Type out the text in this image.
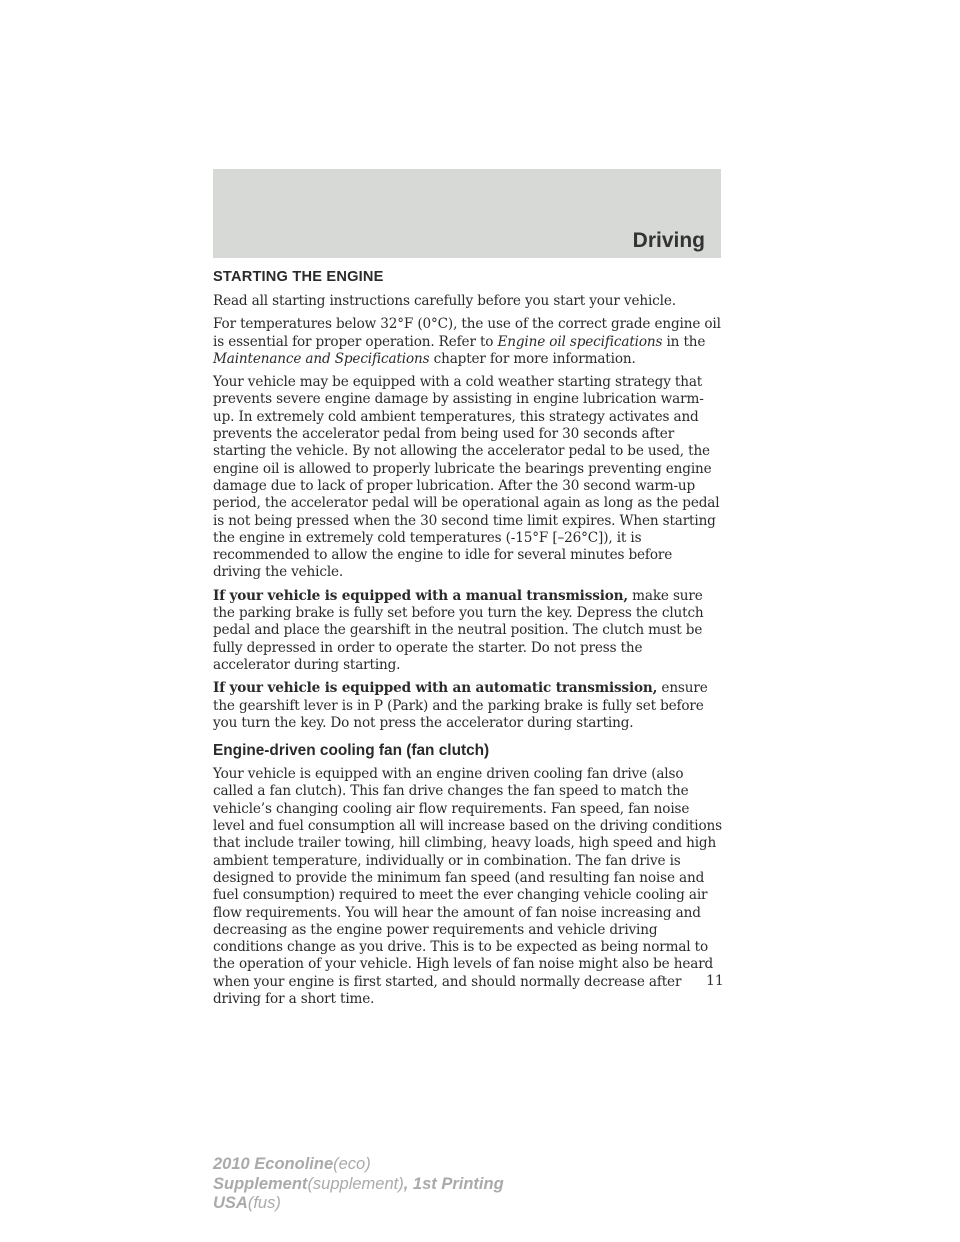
Driving
STARTING THE ENGINE

Read all starting instructions carefully before you start your vehicle.

For temperatures below 32°F (0°C), the use of the correct grade engine oil is essential for proper operation. Refer to Engine oil specifications in the Maintenance and Specifications chapter for more information.

Your vehicle may be equipped with a cold weather starting strategy that prevents severe engine damage by assisting in engine lubrication warm-up. In extremely cold ambient temperatures, this strategy activates and prevents the accelerator pedal from being used for 30 seconds after starting the vehicle. By not allowing the accelerator pedal to be used, the engine oil is allowed to properly lubricate the bearings preventing engine damage due to lack of proper lubrication. After the 30 second warm-up period, the accelerator pedal will be operational again as long as the pedal is not being pressed when the 30 second time limit expires. When starting the engine in extremely cold temperatures (-15°F [–26°C]), it is recommended to allow the engine to idle for several minutes before driving the vehicle.

If your vehicle is equipped with a manual transmission, make sure the parking brake is fully set before you turn the key. Depress the clutch pedal and place the gearshift in the neutral position. The clutch must be fully depressed in order to operate the starter. Do not press the accelerator during starting.

If your vehicle is equipped with an automatic transmission, ensure the gearshift lever is in P (Park) and the parking brake is fully set before you turn the key. Do not press the accelerator during starting.

Engine-driven cooling fan (fan clutch)

Your vehicle is equipped with an engine driven cooling fan drive (also called a fan clutch). This fan drive changes the fan speed to match the vehicle’s changing cooling air flow requirements. Fan speed, fan noise level and fuel consumption all will increase based on the driving conditions that include trailer towing, hill climbing, heavy loads, high speed and high ambient temperature, individually or in combination. The fan drive is designed to provide the minimum fan speed (and resulting fan noise and fuel consumption) required to meet the ever changing vehicle cooling air flow requirements. You will hear the amount of fan noise increasing and decreasing as the engine power requirements and vehicle driving conditions change as you drive. This is to be expected as being normal to the operation of your vehicle. High levels of fan noise might also be heard when your engine is first started, and should normally decrease after driving for a short time.

11
2010 Econoline(eco)
Supplement(supplement), 1st Printing
USA(fus)
